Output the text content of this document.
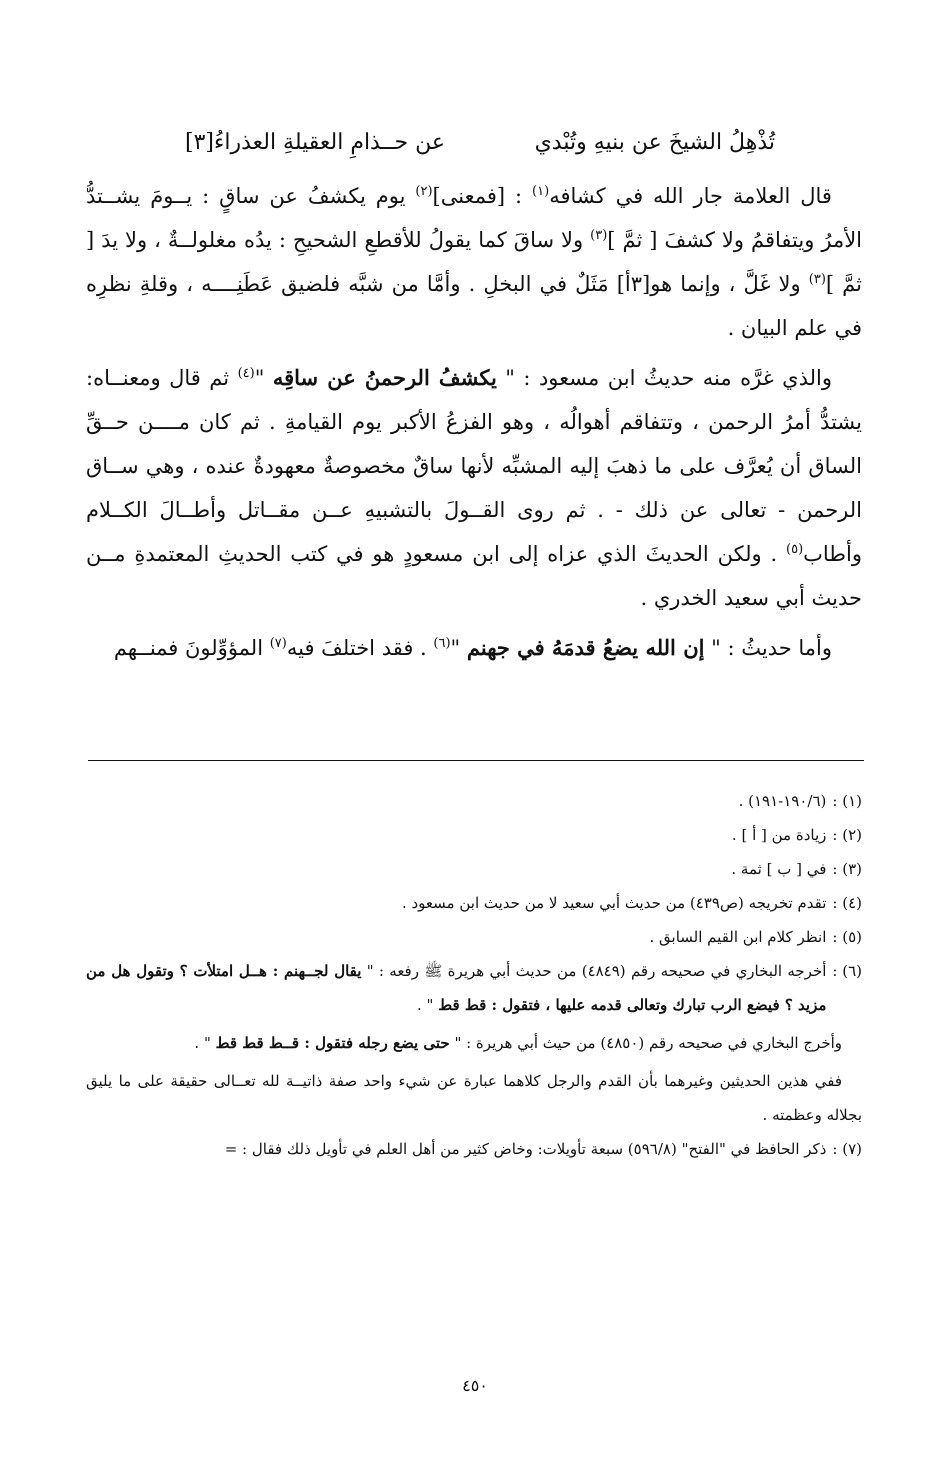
تُذْهِلُ الشيخَ عن بنيهِ وتُبْدي
عن حــذامِ العقيلةِ العذراءُ[٣]

قال العلامة جار الله في كشافه$^{(١)}$ : [فمعنى]$^{(٢)}$ يوم يكشفُ عن ساقٍ : يــومَ يشــتدُّ الأمرُ ويتفاقمُ ولا كشفَ [ ثمَّ ]$^{(٣)}$ ولا ساقَ كما يقولُ للأقطعِ الشحيحِ : يدُه مغلولــةٌ ، ولا يدَ [ ثمَّ ]$^{(٣)}$ ولا غَلَّ ، وإنما هو[٣أ] مَثَلٌ في البخلِ . وأمَّا من شبَّه فلضيق عَطَنِــــه ، وقلةِ نظرِه في علم البيان .

والذي غرَّه منه حديثُ ابن مسعود : " يكشفُ الرحمنُ عن ساقِه "$^{(٤)}$ ثم قال ومعنــاه: يشتدُّ أمرُ الرحمن ، وتتفاقم أهوالُه ، وهو الفزعُ الأكبر يوم القيامةِ . ثم كان مــــن حــقِّ الساق أن يُعرَّف على ما ذهبَ إليه المشبِّه لأنها ساقٌ مخصوصةٌ معهودةٌ عنده ، وهي ســاق الرحمن - تعالى عن ذلك - . ثم روى القــولَ بالتشبيهِ عــن مقــاتل وأطــالَ الكــلام وأطاب$^{(٥)}$ . ولكن الحديثَ الذي عزاه إلى ابن مسعودٍ هو في كتب الحديثِ المعتمدةِ مــن حديث أبي سعيد الخدري .

وأما حديثُ : " إن الله يضعُ قدمَهُ في جهنم "$^{(٦)}$ . فقد اختلفَ فيه$^{(٧)}$ المؤوِّلونَ فمنــهم

(١) :
(١٩٠/٦-١٩١) .
(٢) :
زيادة من [ أ ] .
(٣) :
في [ ب ] ثمة .
(٤) :
تقدم تخريجه (ص٤٣٩) من حديث أبي سعيد لا من حديث ابن مسعود .
(٥) :
انظر كلام ابن القيم السابق .
(٦) :
أخرجه البخاري في صحيحه رقم (٤٨٤٩) من حديث أبي هريرة ﷺ رفعه : " يقال لجــهنم : هــل امتلأت ؟ وتقول هل من مزيد ؟ فيضع الرب تبارك وتعالى قدمه عليها ، فتقول : قط قط " .
وأخرج البخاري في صحيحه رقم (٤٨٥٠) من حيث أبي هريرة : " حتى يضع رجله فتقول : قــط قط قط " .
ففي هذين الحديثين وغيرهما بأن القدم والرجل كلاهما عبارة عن شيء واحد صفة ذاتيــة لله تعــالى حقيقة على ما يليق بجلاله وعظمته .
(٧) :
ذكر الحافظ في "الفتح" (٥٩٦/٨) سبعة تأويلات: وخاض كثير من أهل العلم في تأويل ذلك فقال : =
٤٥٠
